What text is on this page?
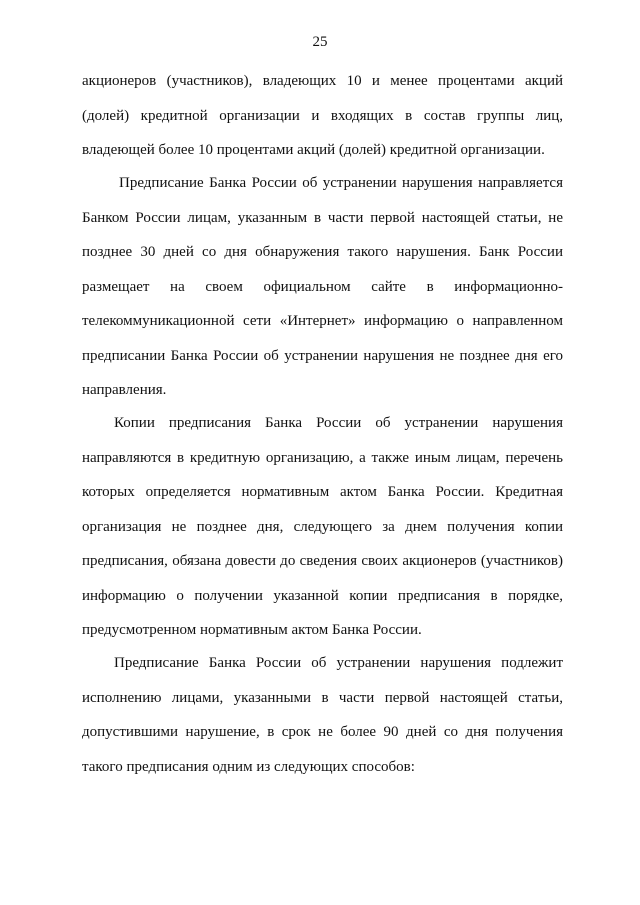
25
акционеров (участников), владеющих 10 и менее процентами акций
(долей) кредитной организации и входящих в состав группы лиц,
владеющей более 10 процентами акций (долей) кредитной организации.
Предписание Банка России об устранении нарушения направляется
Банком России лицам, указанным в части первой настоящей статьи, не
позднее 30 дней со дня обнаружения такого нарушения. Банк России
размещает на своем официальном сайте в информационно-
телекоммуникационной сети «Интернет» информацию о направленном
предписании Банка России об устранении нарушения не позднее дня его
направления.
Копии предписания Банка России об устранении нарушения
направляются в кредитную организацию, а также иным лицам, перечень
которых определяется нормативным актом Банка России. Кредитная
организация не позднее дня, следующего за днем получения копии
предписания, обязана довести до сведения своих акционеров (участников)
информацию о получении указанной копии предписания в порядке,
предусмотренном нормативным актом Банка России.
Предписание Банка России об устранении нарушения подлежит
исполнению лицами, указанными в части первой настоящей статьи,
допустившими нарушение, в срок не более 90 дней со дня получения
такого предписания одним из следующих способов:
